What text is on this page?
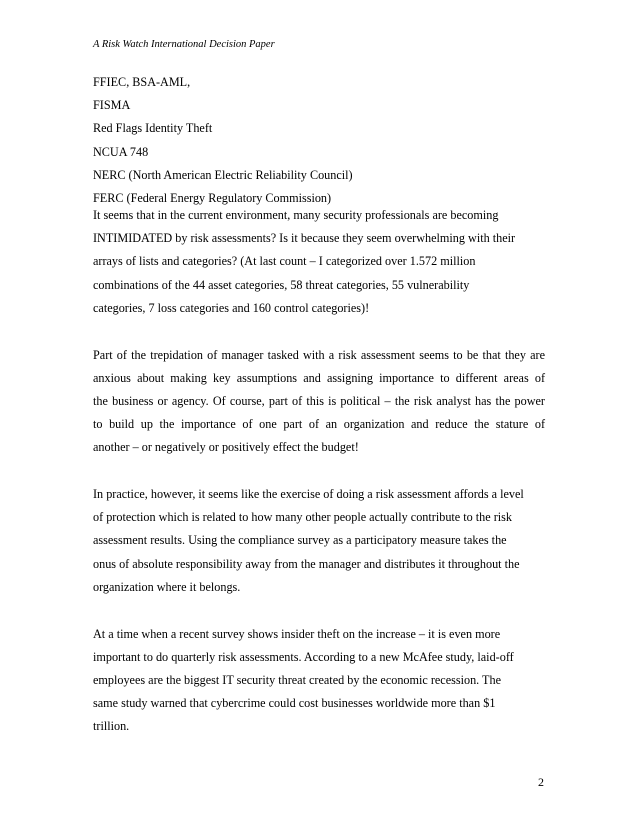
A Risk Watch International Decision Paper
FFIEC, BSA-AML,
FISMA
Red Flags Identity Theft
NCUA 748
NERC (North American Electric Reliability Council)
FERC (Federal Energy Regulatory Commission)
It seems that in the current environment, many security professionals are becoming
INTIMIDATED by risk assessments? Is it because they seem overwhelming with their
arrays of lists and categories? (At last count – I categorized over 1.572 million
combinations of the 44 asset categories, 58 threat categories, 55 vulnerability
categories, 7 loss categories and 160 control categories)!
Part of the trepidation of manager tasked with a risk assessment seems to be that they are
anxious about making key assumptions and assigning importance to different areas of
the business or agency. Of course, part of this is political – the risk analyst has the power
to build up the importance of one part of an organization and reduce the stature of
another – or negatively or positively effect the budget!
In practice, however, it seems like the exercise of doing a risk assessment affords a level
of protection which is related to how many other people actually contribute to the risk
assessment results. Using the compliance survey as a participatory measure takes the
onus of absolute responsibility away from the manager and distributes it throughout the
organization where it belongs.
At a time when a recent survey shows insider theft on the increase – it is even more
important to do quarterly risk assessments. According to a new McAfee study, laid-off
employees are the biggest IT security threat created by the economic recession. The
same study warned that cybercrime could cost businesses worldwide more than $1
trillion.
2
